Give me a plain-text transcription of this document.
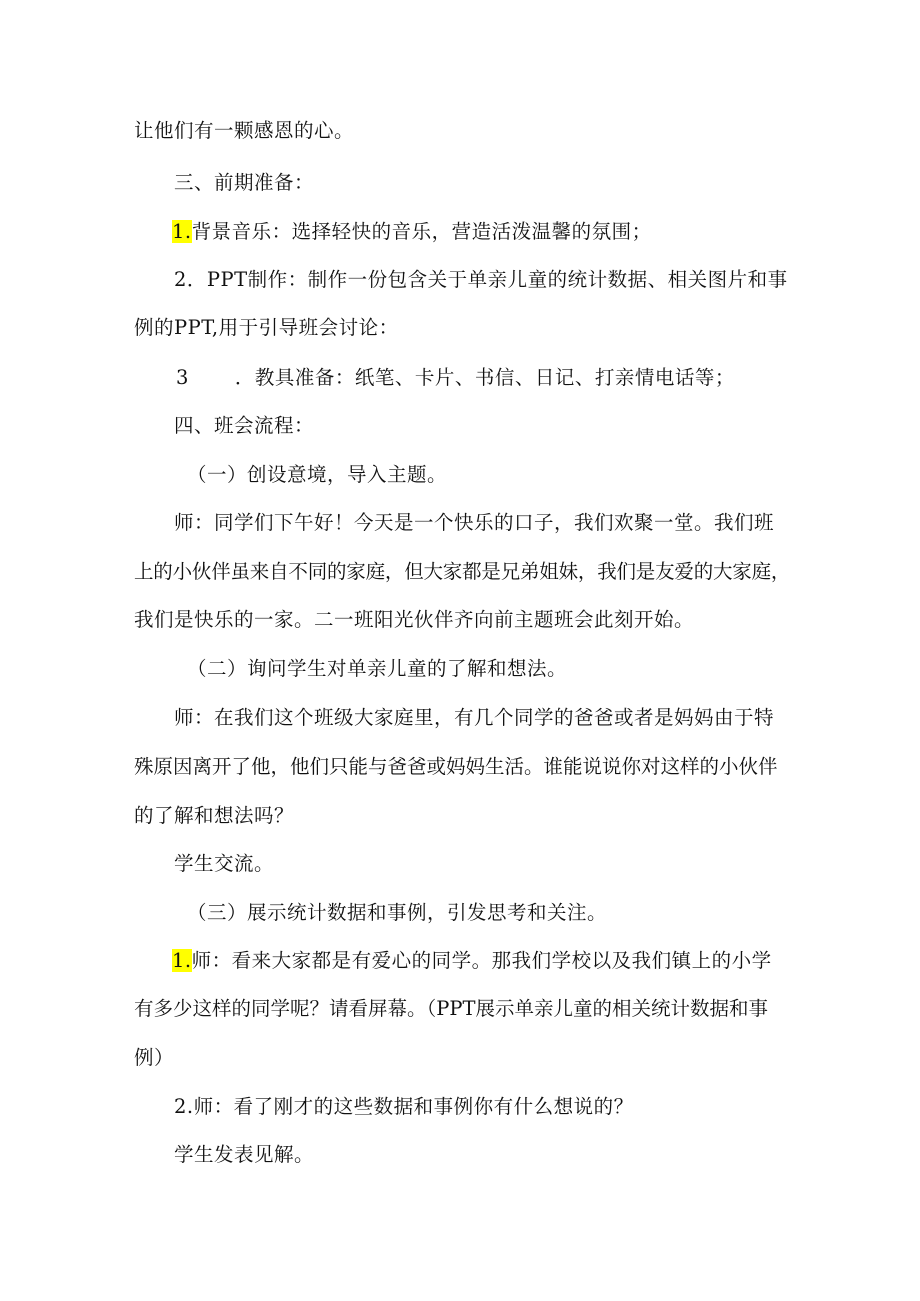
让他们有一颗感恩的心。
三、前期准备：
1.背景音乐：选择轻快的音乐，营造活泼温馨的氛围；
2．PPT制作：制作一份包含关于单亲儿童的统计数据、相关图片和事
例的PPT,用于引导班会讨论：
3 ．教具准备：纸笔、卡片、书信、日记、打亲情电话等；
四、班会流程：
（一）创设意境，导入主题。
师：同学们下午好！今天是一个快乐的口子，我们欢聚一堂。我们班
上的小伙伴虽来自不同的家庭，但大家都是兄弟姐妹，我们是友爱的大家庭，
我们是快乐的一家。二一班阳光伙伴齐向前主题班会此刻开始。
（二）询问学生对单亲儿童的了解和想法。
师：在我们这个班级大家庭里，有几个同学的爸爸或者是妈妈由于特
殊原因离开了他，他们只能与爸爸或妈妈生活。谁能说说你对这样的小伙伴
的了解和想法吗？
学生交流。
（三）展示统计数据和事例，引发思考和关注。
1.师：看来大家都是有爱心的同学。那我们学校以及我们镇上的小学
有多少这样的同学呢？请看屏幕。（PPT展示单亲儿童的相关统计数据和事
例）
2.师：看了刚才的这些数据和事例你有什么想说的？
学生发表见解。
